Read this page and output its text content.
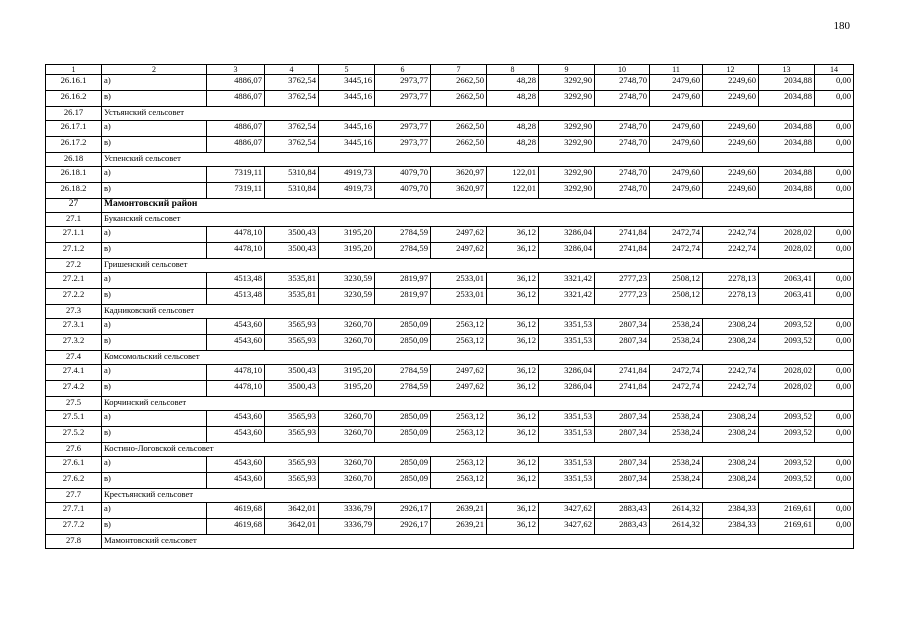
180
1	2	3	4	5	6	7	8	9	10	11	12	13	14
26.16.1	а)	4886,07	3762,54	3445,16	2973,77	2662,50	48,28	3292,90	2748,70	2479,60	2249,60	2034,88	0,00
26.16.2	в)	4886,07	3762,54	3445,16	2973,77	2662,50	48,28	3292,90	2748,70	2479,60	2249,60	2034,88	0,00
26.17	Устьянский сельсовет												
26.17.1	а)	4886,07	3762,54	3445,16	2973,77	2662,50	48,28	3292,90	2748,70	2479,60	2249,60	2034,88	0,00
26.17.2	в)	4886,07	3762,54	3445,16	2973,77	2662,50	48,28	3292,90	2748,70	2479,60	2249,60	2034,88	0,00
26.18	Успенский сельсовет												
26.18.1	а)	7319,11	5310,84	4919,73	4079,70	3620,97	122,01	3292,90	2748,70	2479,60	2249,60	2034,88	0,00
26.18.2	в)	7319,11	5310,84	4919,73	4079,70	3620,97	122,01	3292,90	2748,70	2479,60	2249,60	2034,88	0,00
27	Мамонтовский район												
27.1	Буканский сельсовет												
27.1.1	а)	4478,10	3500,43	3195,20	2784,59	2497,62	36,12	3286,04	2741,84	2472,74	2242,74	2028,02	0,00
27.1.2	в)	4478,10	3500,43	3195,20	2784,59	2497,62	36,12	3286,04	2741,84	2472,74	2242,74	2028,02	0,00
27.2	Гришенский сельсовет												
27.2.1	а)	4513,48	3535,81	3230,59	2819,97	2533,01	36,12	3321,42	2777,23	2508,12	2278,13	2063,41	0,00
27.2.2	в)	4513,48	3535,81	3230,59	2819,97	2533,01	36,12	3321,42	2777,23	2508,12	2278,13	2063,41	0,00
27.3	Кадниковский сельсовет												
27.3.1	а)	4543,60	3565,93	3260,70	2850,09	2563,12	36,12	3351,53	2807,34	2538,24	2308,24	2093,52	0,00
27.3.2	в)	4543,60	3565,93	3260,70	2850,09	2563,12	36,12	3351,53	2807,34	2538,24	2308,24	2093,52	0,00
27.4	Комсомольский сельсовет												
27.4.1	а)	4478,10	3500,43	3195,20	2784,59	2497,62	36,12	3286,04	2741,84	2472,74	2242,74	2028,02	0,00
27.4.2	в)	4478,10	3500,43	3195,20	2784,59	2497,62	36,12	3286,04	2741,84	2472,74	2242,74	2028,02	0,00
27.5	Корчинский сельсовет												
27.5.1	а)	4543,60	3565,93	3260,70	2850,09	2563,12	36,12	3351,53	2807,34	2538,24	2308,24	2093,52	0,00
27.5.2	в)	4543,60	3565,93	3260,70	2850,09	2563,12	36,12	3351,53	2807,34	2538,24	2308,24	2093,52	0,00
27.6	Костино-Логовской сельсовет												
27.6.1	а)	4543,60	3565,93	3260,70	2850,09	2563,12	36,12	3351,53	2807,34	2538,24	2308,24	2093,52	0,00
27.6.2	в)	4543,60	3565,93	3260,70	2850,09	2563,12	36,12	3351,53	2807,34	2538,24	2308,24	2093,52	0,00
27.7	Крестьянский сельсовет												
27.7.1	а)	4619,68	3642,01	3336,79	2926,17	2639,21	36,12	3427,62	2883,43	2614,32	2384,33	2169,61	0,00
27.7.2	в)	4619,68	3642,01	3336,79	2926,17	2639,21	36,12	3427,62	2883,43	2614,32	2384,33	2169,61	0,00
27.8	Мамонтовский сельсовет												
